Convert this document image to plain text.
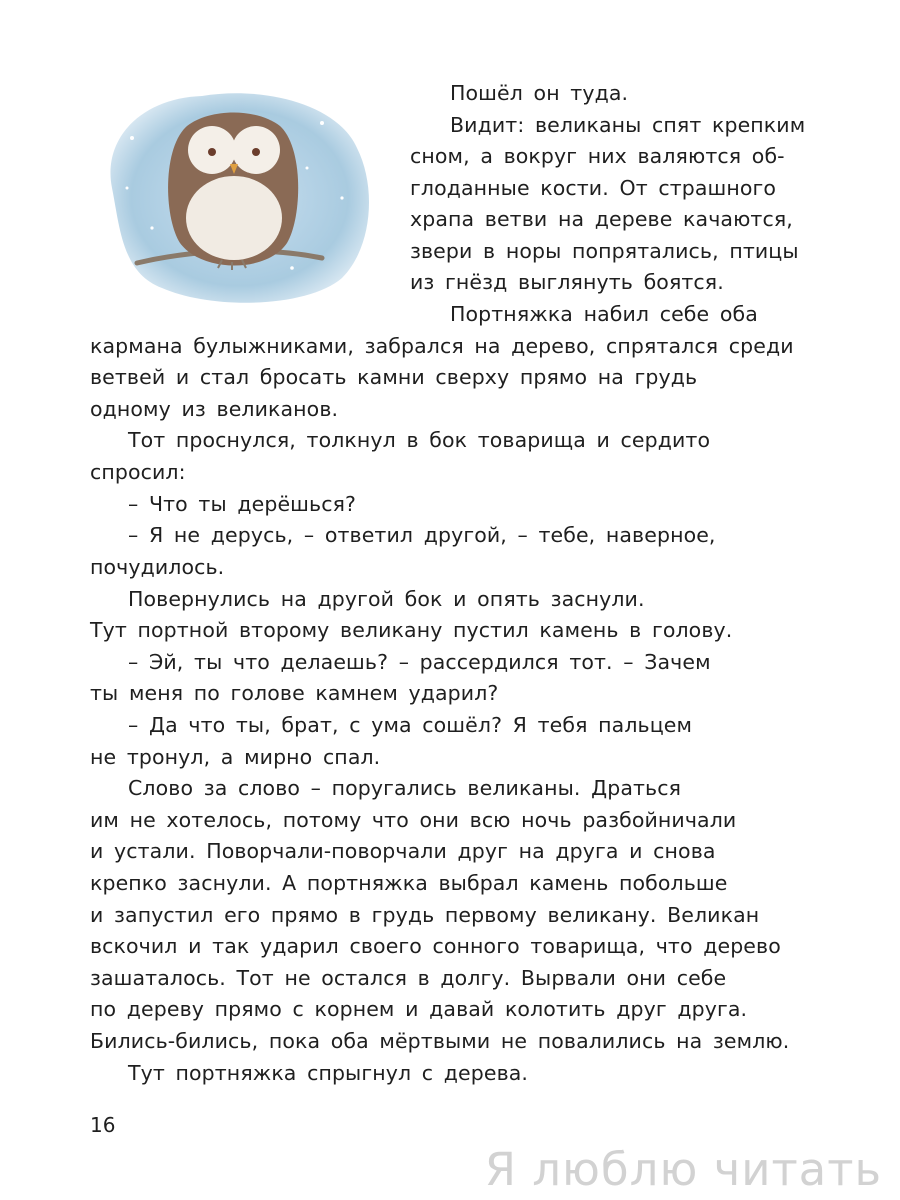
Пошёл он туда.
Видит: великаны спят крепким
сном, а вокруг них валяются об-
глоданные кости. От страшного
храпа ветви на дереве качаются,
звери в норы попрятались, птицы
из гнёзд выглянуть боятся.
Портняжка набил себе оба
кармана булыжниками, забрался на дерево, спрятался среди
ветвей и стал бросать камни сверху прямо на грудь
одному из великанов.
Тот проснулся, толкнул в бок товарища и сердито
спросил:
– Что ты дерёшься?
– Я не дерусь, – ответил другой, – тебе, наверное,
почудилось.
Повернулись на другой бок и опять заснули.
Тут портной второму великану пустил камень в голову.
– Эй, ты что делаешь? – рассердился тот. – Зачем
ты меня по голове камнем ударил?
– Да что ты, брат, с ума сошёл? Я тебя пальцем
не тронул, а мирно спал.
Слово за слово – поругались великаны. Драться
им не хотелось, потому что они всю ночь разбойничали
и устали. Поворчали-поворчали друг на друга и снова
крепко заснули. А портняжка выбрал камень побольше
и запустил его прямо в грудь первому великану. Великан
вскочил и так ударил своего сонного товарища, что дерево
зашаталось. Тот не остался в долгу. Вырвали они себе
по дереву прямо с корнем и давай колотить друг друга.
Бились-бились, пока оба мёртвыми не повалились на землю.
Тут портняжка спрыгнул с дерева.
16
Я люблю читать
